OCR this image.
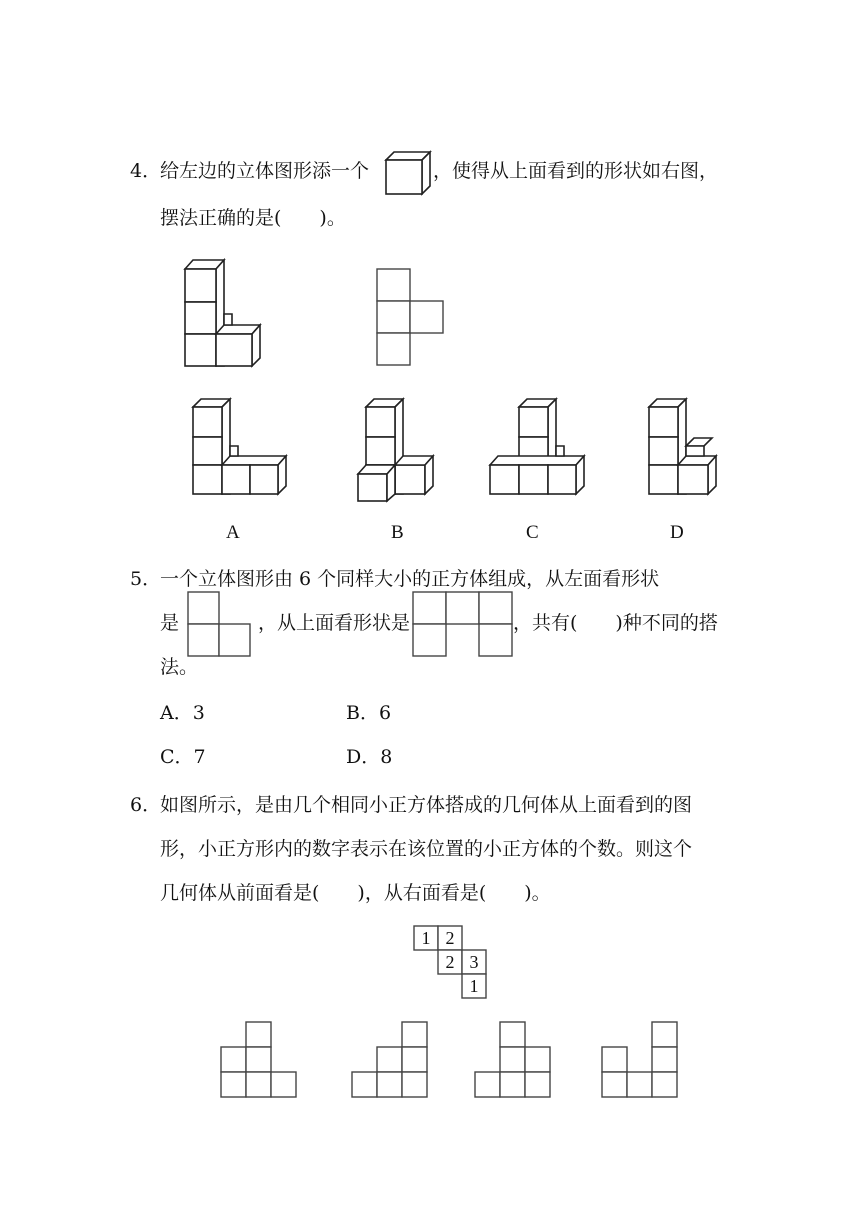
4．
给左边的立体图形添一个	，使得从上面看到的形状如右图，
摆法正确的是(　　)。
A	B	C	D
5．
一个立体图形由 6 个同样大小的正方体组成，从左面看形状
是	，从上面看形状是	，共有(　　)种不同的搭
法。
A．3	B．6
C．7	D．8
6．
如图所示，是由几个相同小正方体搭成的几何体从上面看到的图
形，小正方形内的数字表示在该位置的小正方体的个数。则这个
几何体从前面看是(　　)，从右面看是(　　)。
1 2
2 3
1
